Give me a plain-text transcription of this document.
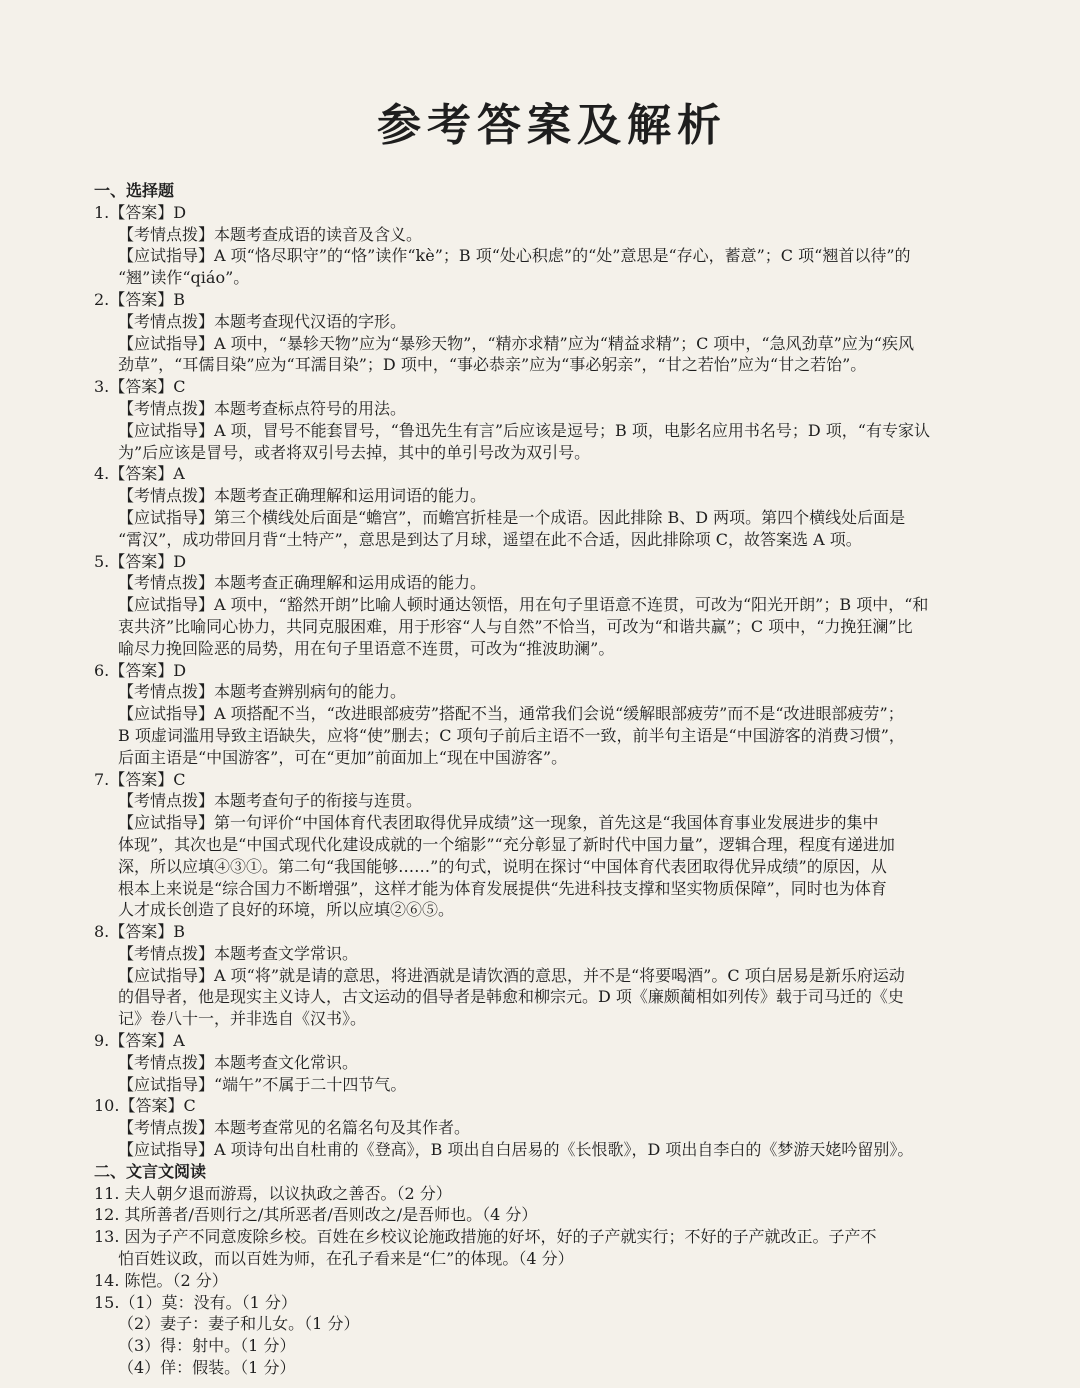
参考答案及解析
一、选择题
1.【答案】D
【考情点拨】本题考查成语的读音及含义。
【应试指导】A 项“恪尽职守”的“恪”读作“kè”；B 项“处心积虑”的“处”意思是“存心，蓄意”；C 项“翘首以待”的
“翘”读作“qiáo”。
2.【答案】B
【考情点拨】本题考查现代汉语的字形。
【应试指导】A 项中，“暴轸天物”应为“暴殄天物”，“精亦求精”应为“精益求精”；C 项中，“急风劲草”应为“疾风
劲草”，“耳儒目染”应为“耳濡目染”；D 项中，“事必恭亲”应为“事必躬亲”，“甘之若怡”应为“甘之若饴”。
3.【答案】C
【考情点拨】本题考查标点符号的用法。
【应试指导】A 项，冒号不能套冒号，“鲁迅先生有言”后应该是逗号；B 项，电影名应用书名号；D 项，“有专家认
为”后应该是冒号，或者将双引号去掉，其中的单引号改为双引号。
4.【答案】A
【考情点拨】本题考查正确理解和运用词语的能力。
【应试指导】第三个横线处后面是“蟾宫”，而蟾宫折桂是一个成语。因此排除 B、D 两项。第四个横线处后面是
“霄汉”，成功带回月背“土特产”，意思是到达了月球，遥望在此不合适，因此排除项 C，故答案选 A 项。
5.【答案】D
【考情点拨】本题考查正确理解和运用成语的能力。
【应试指导】A 项中，“豁然开朗”比喻人顿时通达领悟，用在句子里语意不连贯，可改为“阳光开朗”；B 项中，“和
衷共济”比喻同心协力，共同克服困难，用于形容“人与自然”不恰当，可改为“和谐共赢”；C 项中，“力挽狂澜”比
喻尽力挽回险恶的局势，用在句子里语意不连贯，可改为“推波助澜”。
6.【答案】D
【考情点拨】本题考查辨别病句的能力。
【应试指导】A 项搭配不当，“改进眼部疲劳”搭配不当，通常我们会说“缓解眼部疲劳”而不是“改进眼部疲劳”；
B 项虚词滥用导致主语缺失，应将“使”删去；C 项句子前后主语不一致，前半句主语是“中国游客的消费习惯”，
后面主语是“中国游客”，可在“更加”前面加上“现在中国游客”。
7.【答案】C
【考情点拨】本题考查句子的衔接与连贯。
【应试指导】第一句评价“中国体育代表团取得优异成绩”这一现象，首先这是“我国体育事业发展进步的集中
体现”，其次也是“中国式现代化建设成就的一个缩影”“充分彰显了新时代中国力量”，逻辑合理，程度有递进加
深，所以应填④③①。第二句“我国能够……”的句式，说明在探讨“中国体育代表团取得优异成绩”的原因，从
根本上来说是“综合国力不断增强”，这样才能为体育发展提供“先进科技支撑和坚实物质保障”，同时也为体育
人才成长创造了良好的环境，所以应填②⑥⑤。
8.【答案】B
【考情点拨】本题考查文学常识。
【应试指导】A 项“将”就是请的意思，将进酒就是请饮酒的意思，并不是“将要喝酒”。C 项白居易是新乐府运动
的倡导者，他是现实主义诗人，古文运动的倡导者是韩愈和柳宗元。D 项《廉颇蔺相如列传》载于司马迁的《史
记》卷八十一，并非选自《汉书》。
9.【答案】A
【考情点拨】本题考查文化常识。
【应试指导】“端午”不属于二十四节气。
10.【答案】C
【考情点拨】本题考查常见的名篇名句及其作者。
【应试指导】A 项诗句出自杜甫的《登高》，B 项出自白居易的《长恨歌》，D 项出自李白的《梦游天姥吟留别》。
二、文言文阅读
11. 夫人朝夕退而游焉，以议执政之善否。（2 分）
12. 其所善者/吾则行之/其所恶者/吾则改之/是吾师也。（4 分）
13. 因为子产不同意废除乡校。百姓在乡校议论施政措施的好坏，好的子产就实行；不好的子产就改正。子产不
怕百姓议政，而以百姓为师，在孔子看来是“仁”的体现。（4 分）
14. 陈恺。（2 分）
15.（1）莫：没有。（1 分）
（2）妻子：妻子和儿女。（1 分）
（3）得：射中。（1 分）
（4）佯：假装。（1 分）
